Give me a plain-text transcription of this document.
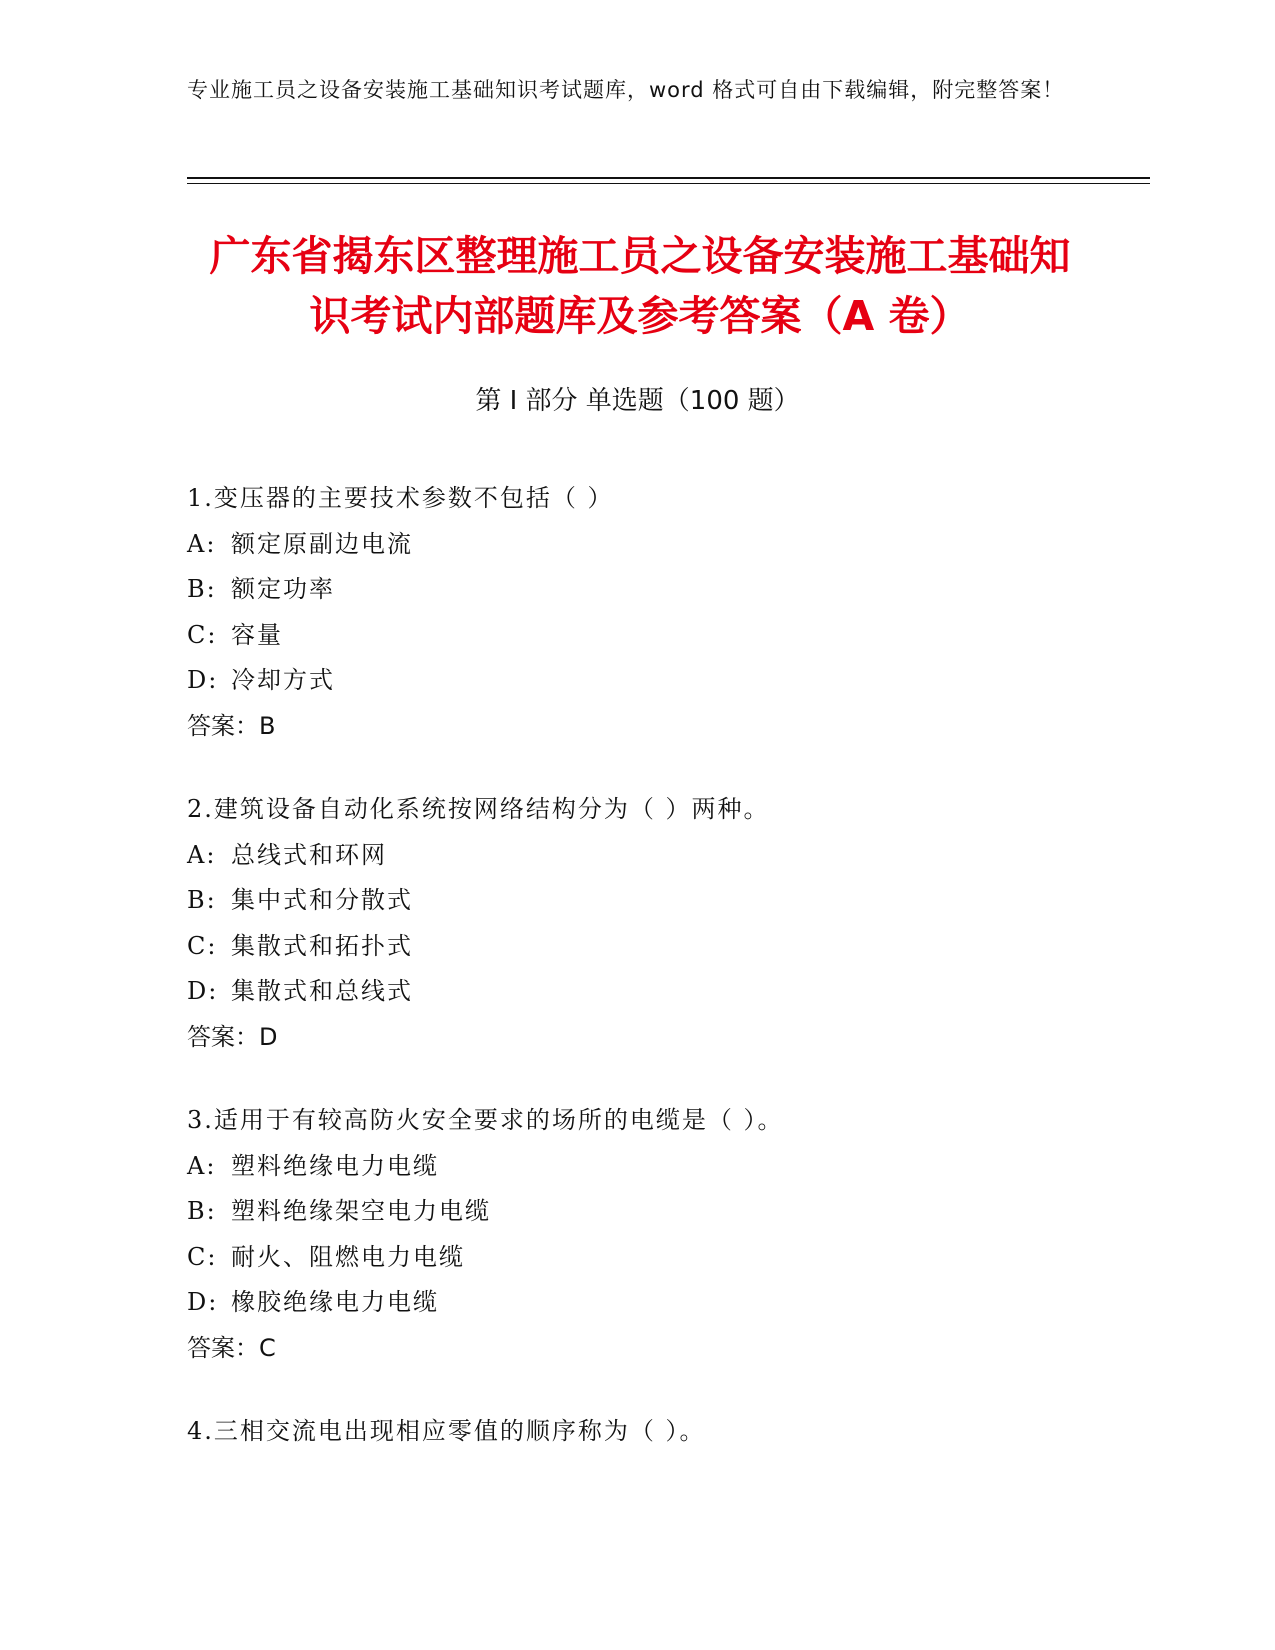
专业施工员之设备安装施工基础知识考试题库，word 格式可自由下载编辑，附完整答案！
广东省揭东区整理施工员之设备安装施工基础知识考试内部题库及参考答案（A 卷）
第 I 部分 单选题（100 题）
1.变压器的主要技术参数不包括（ ）
A: 额定原副边电流
B: 额定功率
C: 容量
D: 冷却方式
答案：B
2.建筑设备自动化系统按网络结构分为（ ）两种。
A: 总线式和环网
B: 集中式和分散式
C: 集散式和拓扑式
D: 集散式和总线式
答案：D
3.适用于有较高防火安全要求的场所的电缆是（ ）。
A: 塑料绝缘电力电缆
B: 塑料绝缘架空电力电缆
C: 耐火、阻燃电力电缆
D: 橡胶绝缘电力电缆
答案：C
4.三相交流电出现相应零值的顺序称为（ ）。
